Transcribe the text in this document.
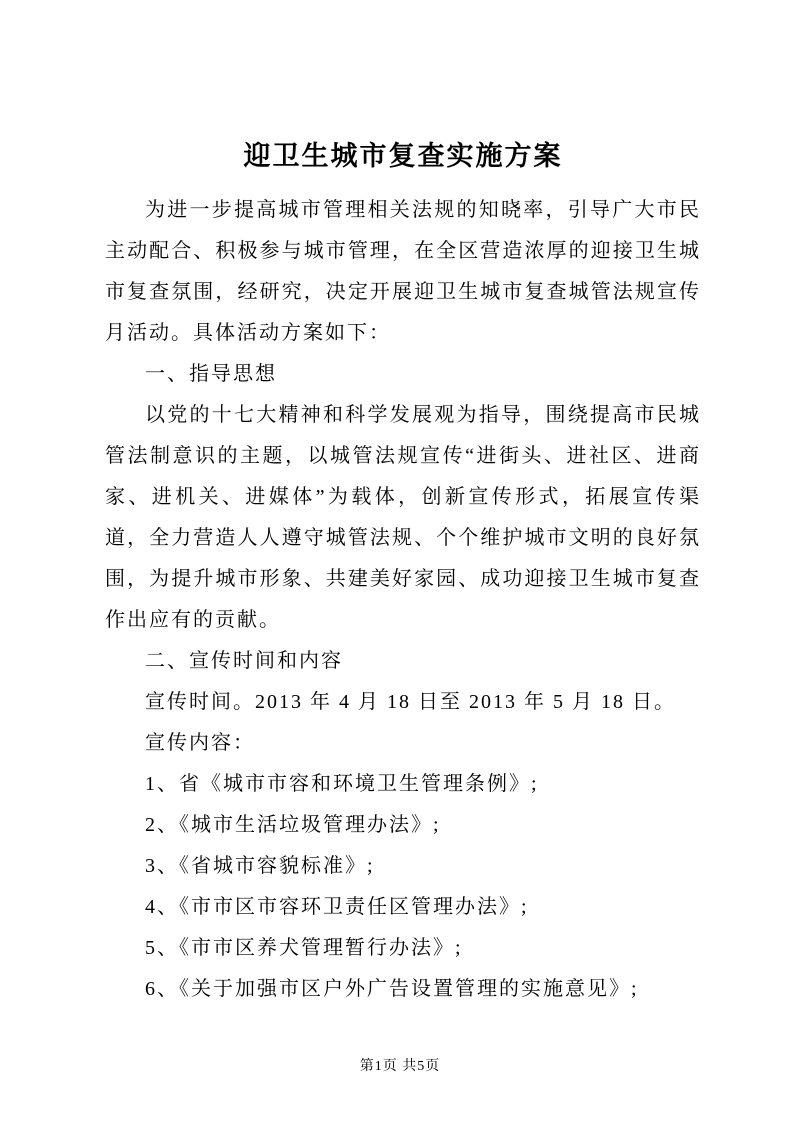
迎卫生城市复查实施方案

为进一步提高城市管理相关法规的知晓率，引导广大市民主动配合、积极参与城市管理，在全区营造浓厚的迎接卫生城市复查氛围，经研究，决定开展迎卫生城市复查城管法规宣传月活动。具体活动方案如下：

一、指导思想

以党的十七大精神和科学发展观为指导，围绕提高市民城管法制意识的主题，以城管法规宣传“进街头、进社区、进商家、进机关、进媒体”为载体，创新宣传形式，拓展宣传渠道，全力营造人人遵守城管法规、个个维护城市文明的良好氛围，为提升城市形象、共建美好家园、成功迎接卫生城市复查作出应有的贡献。

二、宣传时间和内容

宣传时间。2013 年 4 月 18 日至 2013 年 5 月 18 日。

宣传内容：

1、省《城市市容和环境卫生管理条例》;

2、《城市生活垃圾管理办法》;

3、《省城市容貌标准》;

4、《市市区市容环卫责任区管理办法》;

5、《市市区养犬管理暂行办法》;

6、《关于加强市区户外广告设置管理的实施意见》;

第1页 共5页
